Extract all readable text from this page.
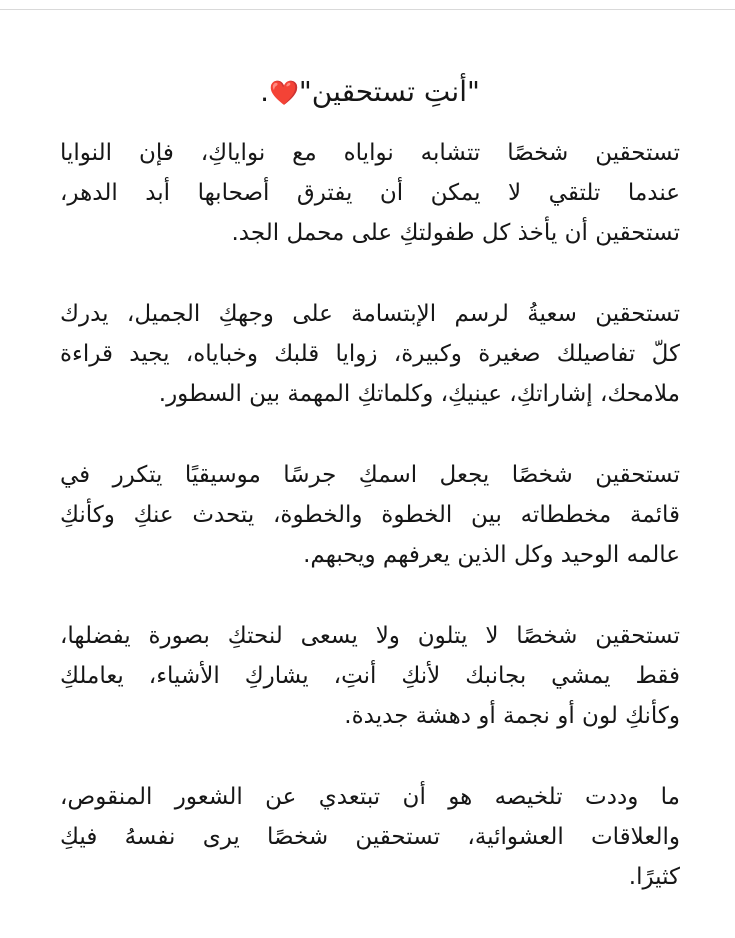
"أنتِ تستحقين"❤️.
تستحقين شخصًا تتشابه نواياه مع نواياكِ، فإن النوايا
عندما تلتقي لا يمكن أن يفترق أصحابها أبد الدهر،
تستحقين أن يأخذ كل طفولتكِ على محمل الجد.
تستحقين سعيةُ لرسم الإبتسامة على وجهكِ الجميل، يدرك
كلّ تفاصيلك صغيرة وكبيرة، زوايا قلبك وخباياه، يجيد قراءة
ملامحك، إشاراتكِ، عينيكِ، وكلماتكِ المهمة بين السطور.
تستحقين شخصًا يجعل اسمكِ جرسًا موسيقيًا يتكرر في
قائمة مخططاته بين الخطوة والخطوة، يتحدث عنكِ وكأنكِ
عالمه الوحيد وكل الذين يعرفهم ويحبهم.
تستحقين شخصًا لا يتلون ولا يسعى لنحتكِ بصورة يفضلها،
فقط يمشي بجانبك لأنكِ أنتِ، يشاركِ الأشياء، يعاملكِ
وكأنكِ لون أو نجمة أو دهشة جديدة.
ما وددت تلخيصه هو أن تبتعدي عن الشعور المنقوص،
والعلاقات العشوائية، تستحقين شخصًا يرى نفسهُ فيكِ
كثيرًا.
